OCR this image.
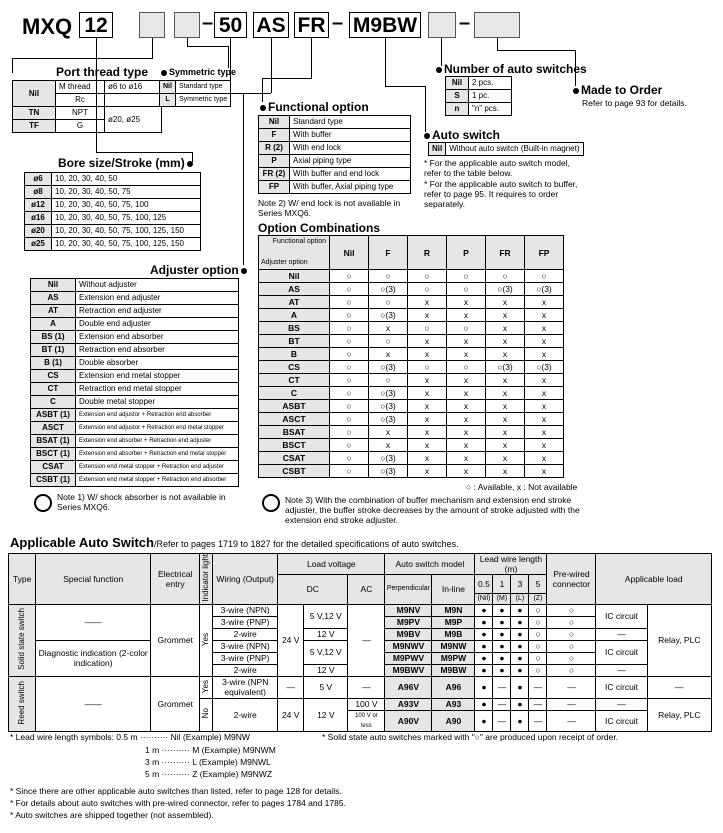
MXQ 12	– 50 AS FR – M9BW –
Port thread type
Nil	M thread	ø6 to ø16
	Rc	
TN	NPT	ø20, ø25
TF	G	
Symmetric type
Nil	Standard type
L	Symmetric type
Number of auto switches
Nil	2 pcs.
S	1 pc.
n	"n" pcs.
Made to Order
Refer to page 93 for details.
Functional option
Nil	Standard type
F	With buffer
R (2)	With end lock
P	Axial piping type
FR (2)	With buffer and end lock
FP	With buffer, Axial piping type
Note 2) W/ end lock is not available in Series MXQ6.
Auto switch
Nil	Without auto switch (Built-in magnet)
* For the applicable auto switch model, refer to the table below.
* For the applicable auto switch to buffer, refer to page 95. It requires to order separately.
Bore size/Stroke (mm)
ø6	10, 20, 30, 40, 50
ø8	10, 20, 30, 40, 50, 75
ø12	10, 20, 30, 40, 50, 75, 100
ø16	10, 20, 30, 40, 50, 75, 100, 125
ø20	10, 20, 30, 40, 50, 75, 100, 125, 150
ø25	10, 20, 30, 40, 50, 75, 100, 125, 150
Adjuster option
Nil	Without adjuster
AS	Extension end adjuster
AT	Retraction end adjuster
A	Double end adjuster
BS (1)	Extension end absorber
BT (1)	Retraction end absorber
B (1)	Double absorber
CS	Extension end metal stopper
CT	Retraction end metal stopper
C	Double metal stopper
ASBT (1)	Extension end adjustor + Retraction end absorber
ASCT	Extension end adjustor + Retraction end metal stopper
BSAT (1)	Extension end absorber + Retraction end adjuster
BSCT (1)	Extension end absorber + Retraction end metal stopper
CSAT	Extension end metal stopper + Retraction end adjuster
CSBT (1)	Extension end metal stopper + Retraction end absorber
Note 1) W/ shock absorber is not available in Series MXQ6.
Option Combinations
Functional option
Adjuster option	Nil	F	R	P	FR	FP
Nil	○	○	○	○	○	○
AS	○	○(3)	○	○	○(3)	○(3)
AT	○	○	x	x	x	x
A	○	○(3)	x	x	x	x
BS	○	x	○	○	x	x
BT	○	○	x	x	x	x
B	○	x	x	x	x	x
CS	○	○(3)	○	○	○(3)	○(3)
CT	○	○	x	x	x	x
C	○	○(3)	x	x	x	x
ASBT	○	○(3)	x	x	x	x
ASCT	○	○(3)	x	x	x	x
BSAT	○	x	x	x	x	x
BSCT	○	x	x	x	x	x
CSAT	○	○(3)	x	x	x	x
CSBT	○	○(3)	x	x	x	x
○ : Available, x : Not available
Note 3) With the combination of buffer mechanism and extension end stroke adjuster, the buffer stroke decreases by the amount of stroke adjusted with the extension end stroke adjuster.
Applicable Auto Switch/Refer to pages 1719 to 1827 for the detailed specifications of auto switches.
Type	Special function	Electrical entry	Indicator light	Wiring (Output)	Load voltage			Auto switch model		Lead wire length (m)				Pre-wired connector	Applicable load	
					DC		AC	Perpendicular	In-line	0.5	1	3	5			
										(Nil)	(M)	(L)	(Z)			
Solid state switch	——	Grommet	Yes	3-wire (NPN)	24 V	5 V,12 V	—	M9NV	M9N	●	●	●	○	○	IC circuit	Relay, PLC
				3-wire (PNP)				M9PV	M9P	●	●	●	○	○		
				2-wire		12 V		M9BV	M9B	●	●	●	○	○	—	
	Diagnostic indication (2-color indication)			3-wire (NPN)		5 V,12 V		M9NWV	M9NW	●	●	●	○	○	IC circuit	
				3-wire (PNP)				M9PWV	M9PW	●	●	●	○	○		
				2-wire		12 V		M9BWV	M9BW	●	●	●	○	○	—	
Reed switch	——	Grommet	Yes	3-wire (NPN equivalent)	—	5 V	—	A96V	A96	●	—	●	—	—	IC circuit	—
			No	2-wire	24 V	12 V	100 V	A93V	A93	●	—	●	—	—	—	Relay, PLC
							100 V or less	A90V	A90	●	—	●	—	—	IC circuit	
* Lead wire length symbols: 0.5 m ·········· Nil (Example) M9NW
1 m ·········· M (Example) M9NWM
3 m ·········· L (Example) M9NWL
5 m ·········· Z (Example) M9NWZ
* Solid state auto switches marked with "○" are produced upon receipt of order.
* Since there are other applicable auto switches than listed, refer to page 128 for details.
* For details about auto switches with pre-wired connector, refer to pages 1784 and 1785.
* Auto switches are shipped together (not assembled).
